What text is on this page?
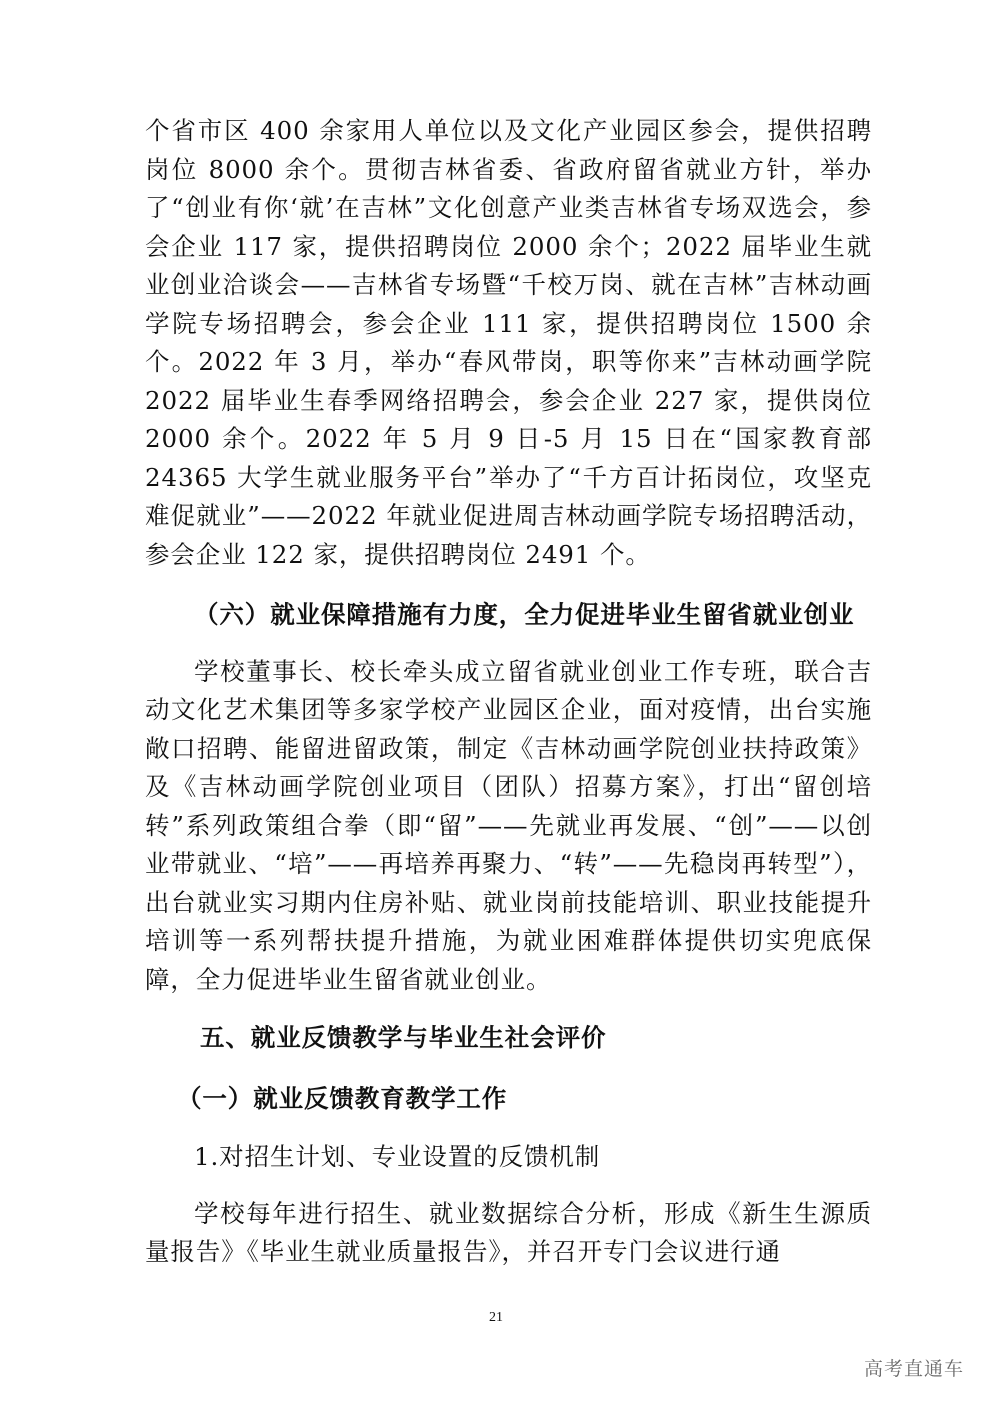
个省市区 400 余家用人单位以及文化产业园区参会，提供招聘岗位 8000 余个。贯彻吉林省委、省政府留省就业方针，举办了“创业有你‘就’在吉林”文化创意产业类吉林省专场双选会，参会企业 117 家，提供招聘岗位 2000 余个；2022 届毕业生就业创业洽谈会——吉林省专场暨“千校万岗、就在吉林”吉林动画学院专场招聘会，参会企业 111 家，提供招聘岗位 1500 余个。2022 年 3 月，举办“春风带岗，职等你来”吉林动画学院 2022 届毕业生春季网络招聘会，参会企业 227 家，提供岗位 2000 余个。2022 年 5 月 9 日-5 月 15 日在“国家教育部 24365 大学生就业服务平台”举办了“千方百计拓岗位，攻坚克难促就业”——2022 年就业促进周吉林动画学院专场招聘活动，参会企业 122 家，提供招聘岗位 2491 个。

（六）就业保障措施有力度，全力促进毕业生留省就业创业

学校董事长、校长牵头成立留省就业创业工作专班，联合吉动文化艺术集团等多家学校产业园区企业，面对疫情，出台实施敞口招聘、能留进留政策，制定《吉林动画学院创业扶持政策》及《吉林动画学院创业项目（团队）招募方案》，打出“留创培转”系列政策组合拳（即“留”——先就业再发展、“创”——以创业带就业、“培”——再培养再聚力、“转”——先稳岗再转型”），出台就业实习期内住房补贴、就业岗前技能培训、职业技能提升培训等一系列帮扶提升措施，为就业困难群体提供切实兜底保障，全力促进毕业生留省就业创业。

五、就业反馈教学与毕业生社会评价

（一）就业反馈教育教学工作

1.对招生计划、专业设置的反馈机制

学校每年进行招生、就业数据综合分析，形成《新生生源质量报告》《毕业生就业质量报告》，并召开专门会议进行通

21
高考直通车
